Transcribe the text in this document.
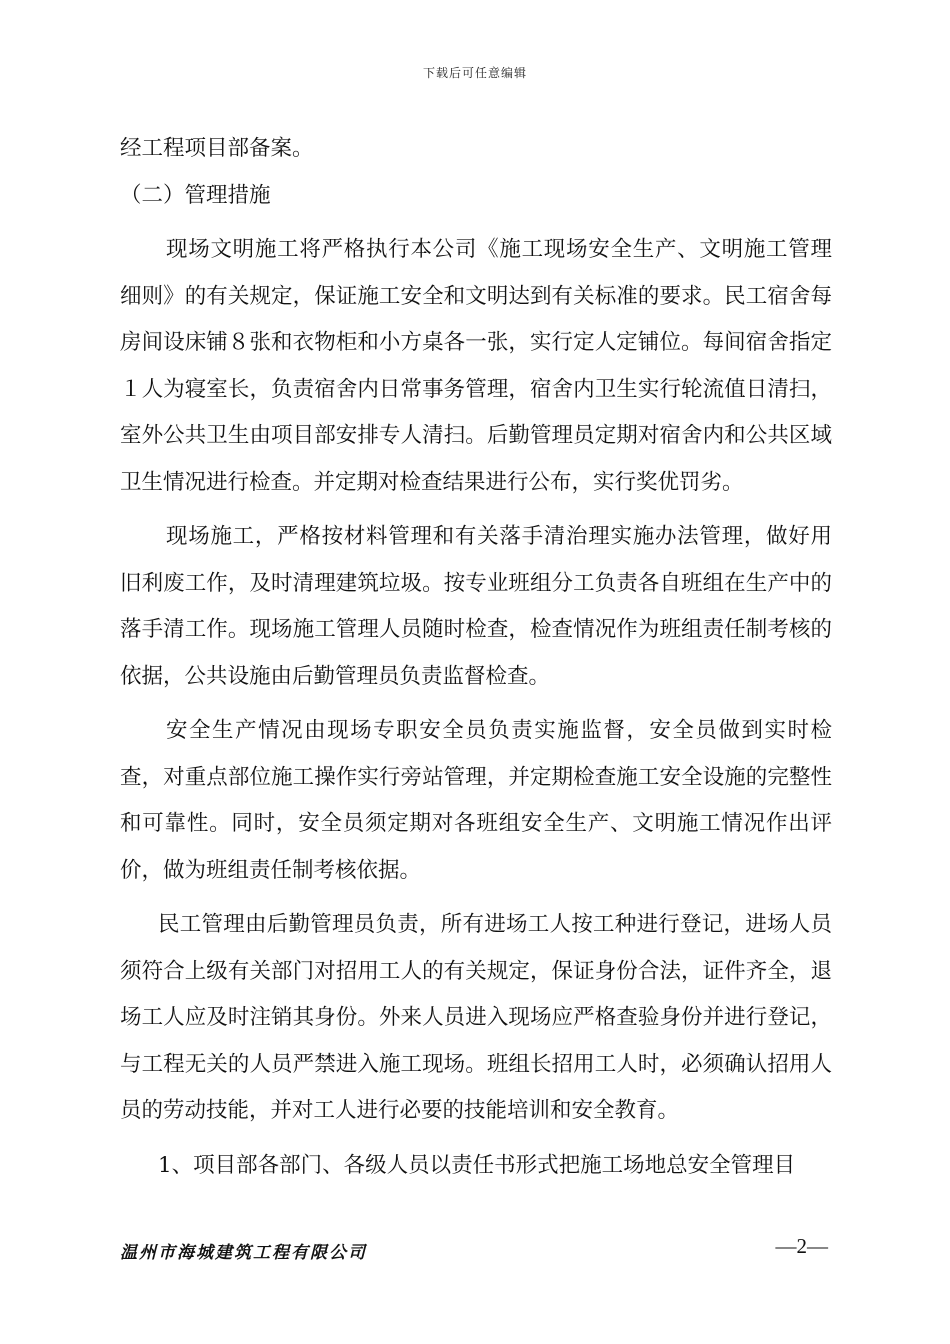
下载后可任意编辑

经工程项目部备案。

（二）管理措施

现场文明施工将严格执行本公司《施工现场安全生产、文明施工管理细则》的有关规定，保证施工安全和文明达到有关标准的要求。民工宿舍每房间设床铺８张和衣物柜和小方桌各一张，实行定人定铺位。每间宿舍指定１人为寝室长，负责宿舍内日常事务管理，宿舍内卫生实行轮流值日清扫，室外公共卫生由项目部安排专人清扫。后勤管理员定期对宿舍内和公共区域卫生情况进行检查。并定期对检查结果进行公布，实行奖优罚劣。

现场施工，严格按材料管理和有关落手清治理实施办法管理，做好用旧利废工作，及时清理建筑垃圾。按专业班组分工负责各自班组在生产中的落手清工作。现场施工管理人员随时检查，检查情况作为班组责任制考核的依据，公共设施由后勤管理员负责监督检查。

安全生产情况由现场专职安全员负责实施监督，安全员做到实时检查，对重点部位施工操作实行旁站管理，并定期检查施工安全设施的完整性和可靠性。同时，安全员须定期对各班组安全生产、文明施工情况作出评价，做为班组责任制考核依据。

民工管理由后勤管理员负责，所有进场工人按工种进行登记，进场人员须符合上级有关部门对招用工人的有关规定，保证身份合法，证件齐全，退场工人应及时注销其身份。外来人员进入现场应严格查验身份并进行登记，与工程无关的人员严禁进入施工现场。班组长招用工人时，必须确认招用人员的劳动技能，并对工人进行必要的技能培训和安全教育。

1、项目部各部门、各级人员以责任书形式把施工场地总安全管理目

温州市海城建筑工程有限公司	—2—
